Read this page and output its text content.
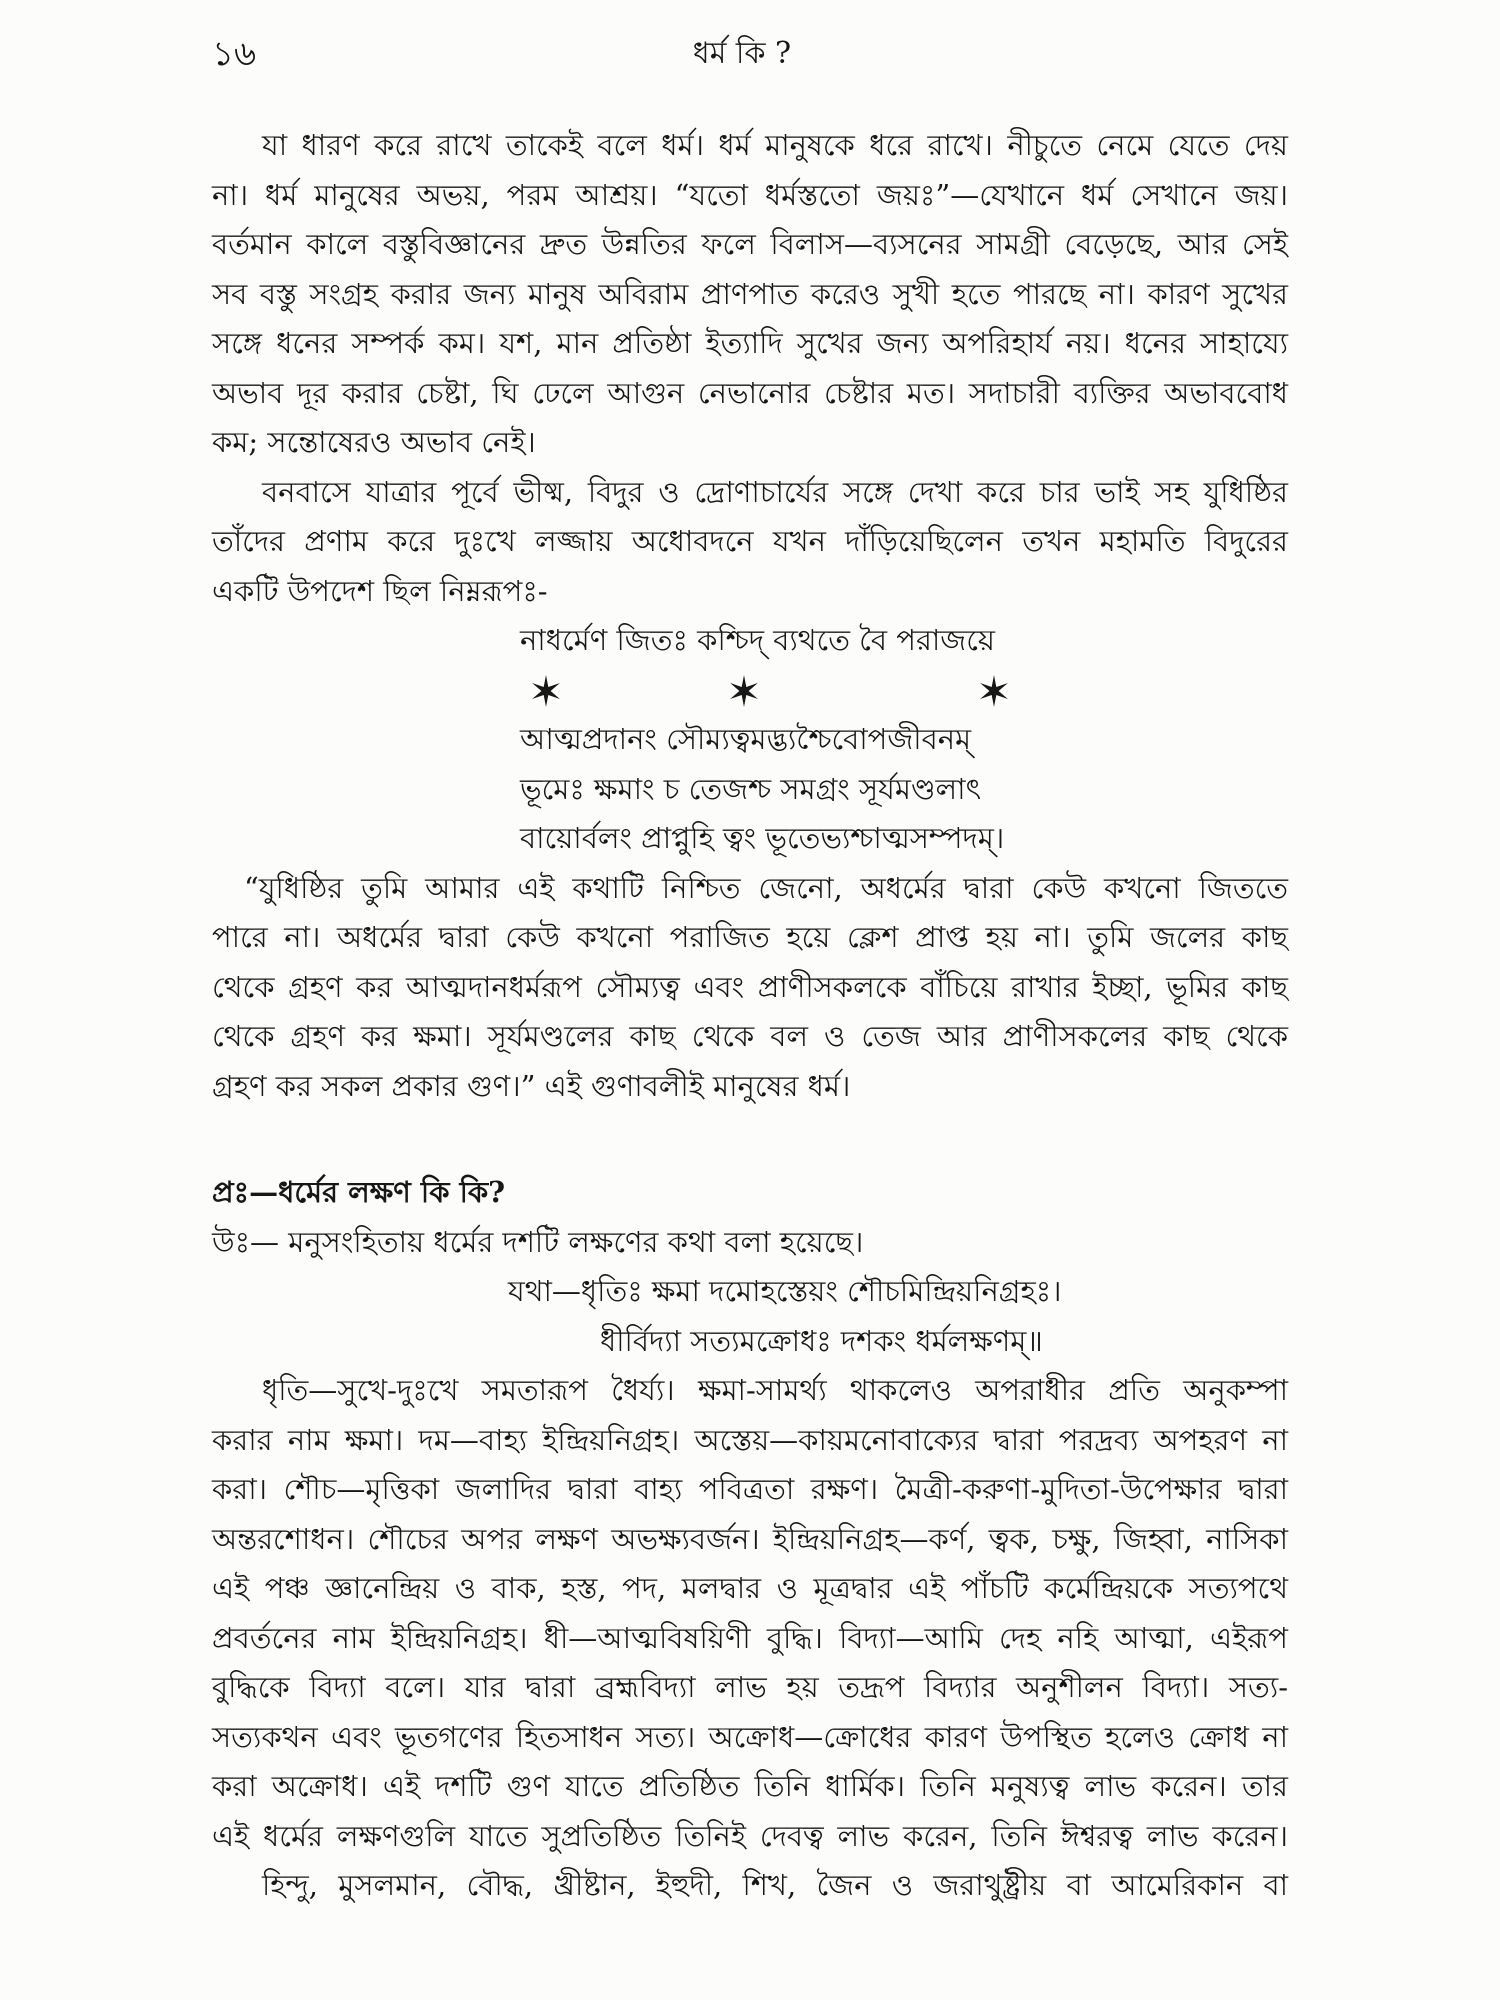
১৬	ধর্ম কি ?
যা ধারণ করে রাখে তাকেই বলে ধর্ম। ধর্ম মানুষকে ধরে রাখে। নীচুতে নেমে যেতে দেয়
না। ধর্ম মানুষের অভয়, পরম আশ্রয়। “যতো ধর্মস্ততো জয়ঃ”—যেখানে ধর্ম সেখানে জয়।
বর্তমান কালে বস্তুবিজ্ঞানের দ্রুত উন্নতির ফলে বিলাস—ব্যসনের সামগ্রী বেড়েছে, আর সেই
সব বস্তু সংগ্রহ করার জন্য মানুষ অবিরাম প্রাণপাত করেও সুখী হতে পারছে না। কারণ সুখের
সঙ্গে ধনের সম্পর্ক কম। যশ, মান প্রতিষ্ঠা ইত্যাদি সুখের জন্য অপরিহার্য নয়। ধনের সাহায্যে
অভাব দূর করার চেষ্টা, ঘি ঢেলে আগুন নেভানোর চেষ্টার মত। সদাচারী ব্যক্তির অভাববোধ
কম; সন্তোষেরও অভাব নেই।
বনবাসে যাত্রার পূর্বে ভীষ্ম, বিদুর ও দ্রোণাচার্যের সঙ্গে দেখা করে চার ভাই সহ যুধিষ্ঠির
তাঁদের প্রণাম করে দুঃখে লজ্জায় অধোবদনে যখন দাঁড়িয়েছিলেন তখন মহামতি বিদুরের
একটি উপদেশ ছিল নিম্নরূপঃ-
নাধর্মেণ জিতঃ কশ্চিদ্ ব্যথতে বৈ পরাজয়ে
আত্মপ্রদানং সৌম্যত্বমদ্ভ্যশ্চৈবোপজীবনম্
ভূমেঃ ক্ষমাং চ তেজশ্চ সমগ্রং সূর্যমণ্ডলাৎ
বায়োর্বলং প্রাপ্নুহি ত্বং ভূতেভ্যশ্চাত্মসম্পদম্।
“যুধিষ্ঠির তুমি আমার এই কথাটি নিশ্চিত জেনো, অধর্মের দ্বারা কেউ কখনো জিততে
পারে না। অধর্মের দ্বারা কেউ কখনো পরাজিত হয়ে ক্লেশ প্রাপ্ত হয় না। তুমি জলের কাছ
থেকে গ্রহণ কর আত্মদানধর্মরূপ সৌম্যত্ব এবং প্রাণীসকলকে বাঁচিয়ে রাখার ইচ্ছা, ভূমির কাছ
থেকে গ্রহণ কর ক্ষমা। সূর্যমণ্ডলের কাছ থেকে বল ও তেজ আর প্রাণীসকলের কাছ থেকে
গ্রহণ কর সকল প্রকার গুণ।” এই গুণাবলীই মানুষের ধর্ম।
প্রঃ—ধর্মের লক্ষণ কি কি?
উঃ— মনুসংহিতায় ধর্মের দশটি লক্ষণের কথা বলা হয়েছে।
যথা—ধৃতিঃ ক্ষমা দমোহস্তেয়ং শৌচমিন্দ্রিয়নিগ্রহঃ।
ধীর্বিদ্যা সত্যমক্রোধঃ দশকং ধর্মলক্ষণম্॥
ধৃতি—সুখে-দুঃখে সমতারূপ ধৈর্য্য। ক্ষমা-সামর্থ্য থাকলেও অপরাধীর প্রতি অনুকম্পা
করার নাম ক্ষমা। দম—বাহ্য ইন্দ্রিয়নিগ্রহ। অস্তেয়—কায়মনোবাক্যের দ্বারা পরদ্রব্য অপহরণ না
করা। শৌচ—মৃত্তিকা জলাদির দ্বারা বাহ্য পবিত্রতা রক্ষণ। মৈত্রী-করুণা-মুদিতা-উপেক্ষার দ্বারা
অন্তরশোধন। শৌচের অপর লক্ষণ অভক্ষ্যবর্জন। ইন্দ্রিয়নিগ্রহ—কর্ণ, ত্বক, চক্ষু, জিহ্বা, নাসিকা
এই পঞ্চ জ্ঞানেন্দ্রিয় ও বাক, হস্ত, পদ, মলদ্বার ও মূত্রদ্বার এই পাঁচটি কর্মেন্দ্রিয়কে সত্যপথে
প্রবর্তনের নাম ইন্দ্রিয়নিগ্রহ। ধী—আত্মবিষয়িণী বুদ্ধি। বিদ্যা—আমি দেহ নহি আত্মা, এইরূপ
বুদ্ধিকে বিদ্যা বলে। যার দ্বারা ব্রহ্মবিদ্যা লাভ হয় তদ্রূপ বিদ্যার অনুশীলন বিদ্যা। সত্য-
সত্যকথন এবং ভূতগণের হিতসাধন সত্য। অক্রোধ—ক্রোধের কারণ উপস্থিত হলেও ক্রোধ না
করা অক্রোধ। এই দশটি গুণ যাতে প্রতিষ্ঠিত তিনি ধার্মিক। তিনি মনুষ্যত্ব লাভ করেন। তার
এই ধর্মের লক্ষণগুলি যাতে সুপ্রতিষ্ঠিত তিনিই দেবত্ব লাভ করেন, তিনি ঈশ্বরত্ব লাভ করেন।
হিন্দু, মুসলমান, বৌদ্ধ, খ্রীষ্টান, ইহুদী, শিখ, জৈন ও জরাথুষ্ট্রীয় বা আমেরিকান বা
